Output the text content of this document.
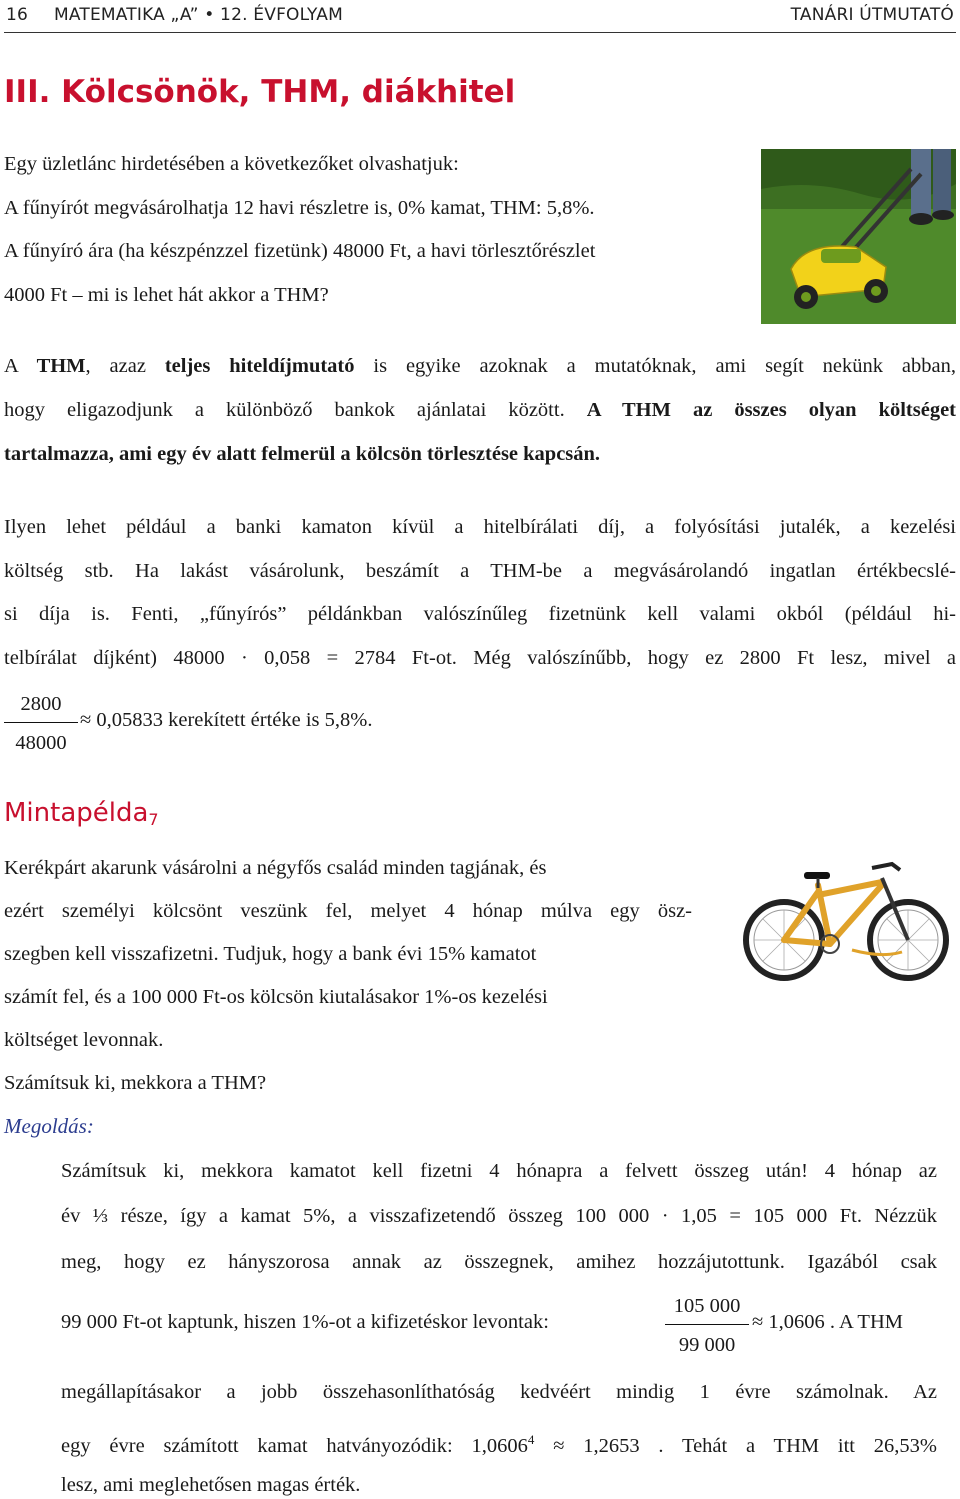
16 MATEMATIKA „A” • 12. ÉVFOLYAM	TANÁRI ÚTMUTATÓ
III. Kölcsönök, THM, diákhitel
Egy üzletlánc hirdetésében a következőket olvashatjuk:
A fűnyírót megvásárolhatja 12 havi részletre is, 0% kamat, THM: 5,8%.
A fűnyíró ára (ha készpénzzel fizetünk) 48000 Ft, a havi törlesztőrészlet
4000 Ft – mi is lehet hát akkor a THM?
A THM, azaz teljes hiteldíjmutató is egyike azoknak a mutatóknak, ami segít nekünk abban,
hogy eligazodjunk a különböző bankok ajánlatai között. A THM az összes olyan költséget
tartalmazza, ami egy év alatt felmerül a kölcsön törlesztése kapcsán.
Ilyen lehet például a banki kamaton kívül a hitelbírálati díj, a folyósítási jutalék, a kezelési
költség stb. Ha lakást vásárolunk, beszámít a THM-be a megvásárolandó ingatlan értékbecslé-
si díja is. Fenti, „fűnyírós” példánkban valószínűleg fizetnünk kell valami okból (például hi-
telbírálat díjként) 48000 · 0,058 = 2784 Ft-ot. Még valószínűbb, hogy ez 2800 Ft lesz, mivel a
$\frac{2800}{48000} \approx 0,05833$ kerekített értéke is 5,8%.
Mintapélda$_7$
Kerékpárt akarunk vásárolni a négyfős család minden tagjának, és
ezért személyi kölcsönt veszünk fel, melyet 4 hónap múlva egy ösz-
szegben kell visszafizetni. Tudjuk, hogy a bank évi 15% kamatot
számít fel, és a 100 000 Ft-os kölcsön kiutalásakor 1%-os kezelési
költséget levonnak.
Számítsuk ki, mekkora a THM?
Megoldás:
Számítsuk ki, mekkora kamatot kell fizetni 4 hónapra a felvett összeg után! 4 hónap az
év ⅓ része, így a kamat 5%, a visszafizetendő összeg 100 000 · 1,05 = 105 000 Ft. Nézzük
meg, hogy ez hányszorosa annak az összegnek, amihez hozzájutottunk. Igazából csak
99 000 Ft-ot kaptunk, hiszen 1%-ot a kifizetéskor levontak:	$\frac{105 000}{99 000} \approx 1,0606$ . A THM
megállapításakor a jobb összehasonlíthatóság kedvéért mindig 1 évre számolnak. Az
egy évre számított kamat hatványozódik: $1,0606^4 \approx 1,2653$ . Tehát a THM itt 26,53%
lesz, ami meglehetősen magas érték.
